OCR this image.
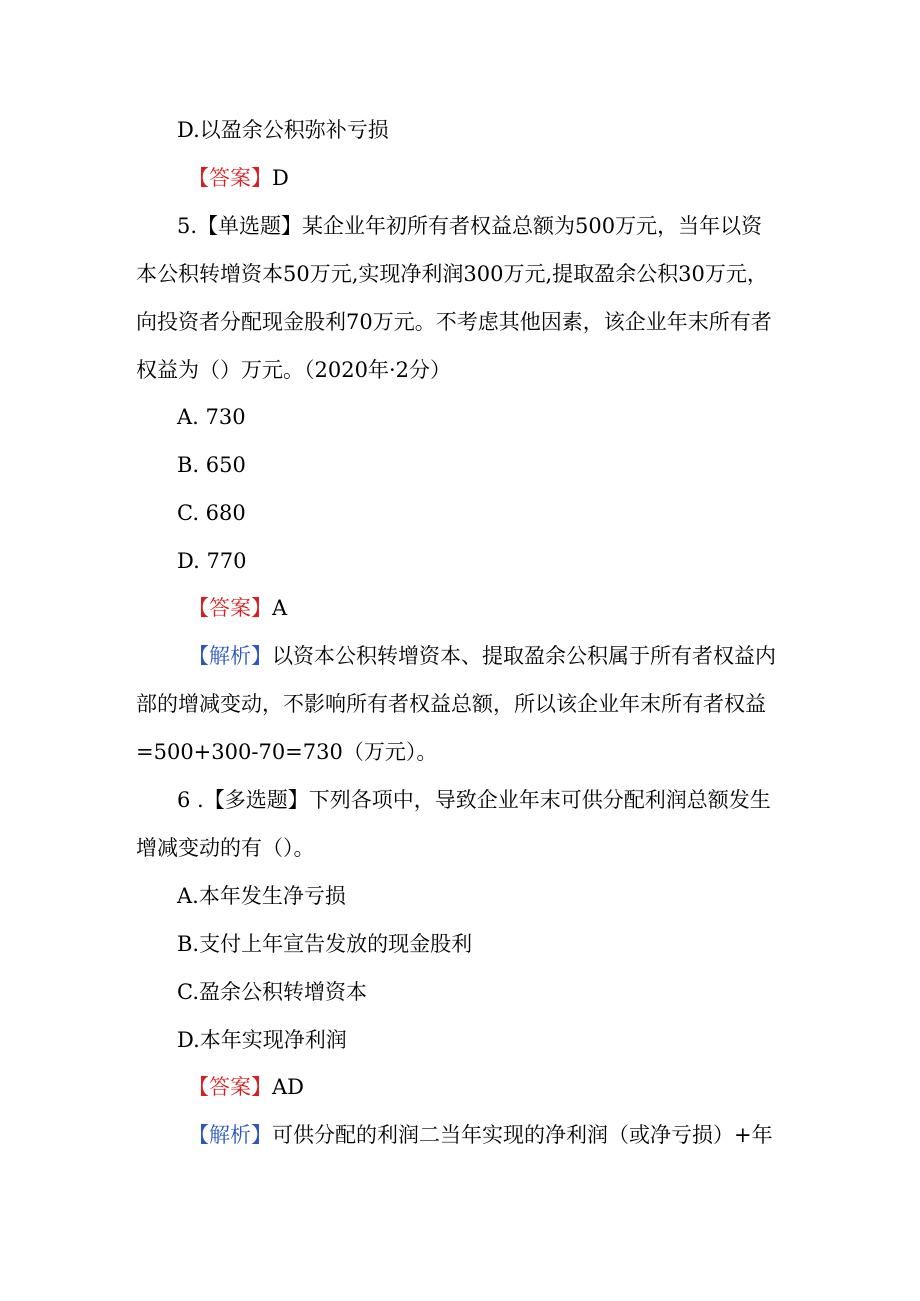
D.以盈余公积弥补亏损
【答案】D
5.【单选题】某企业年初所有者权益总额为500万元，当年以资
本公积转增资本50万元,实现净利润300万元,提取盈余公积30万元，
向投资者分配现金股利70万元。不考虑其他因素，该企业年末所有者
权益为（）万元。（2020年·2分）
A. 730
B. 650
C. 680
D. 770
【答案】A
【解析】以资本公积转增资本、提取盈余公积属于所有者权益内
部的增减变动，不影响所有者权益总额，所以该企业年末所有者权益
=500+300-70=730（万元）。
6 .【多选题】下列各项中，导致企业年末可供分配利润总额发生
增减变动的有（）。
A.本年发生净亏损
B.支付上年宣告发放的现金股利
C.盈余公积转增资本
D.本年实现净利润
【答案】AD
【解析】可供分配的利润二当年实现的净利润（或净亏损）+年
